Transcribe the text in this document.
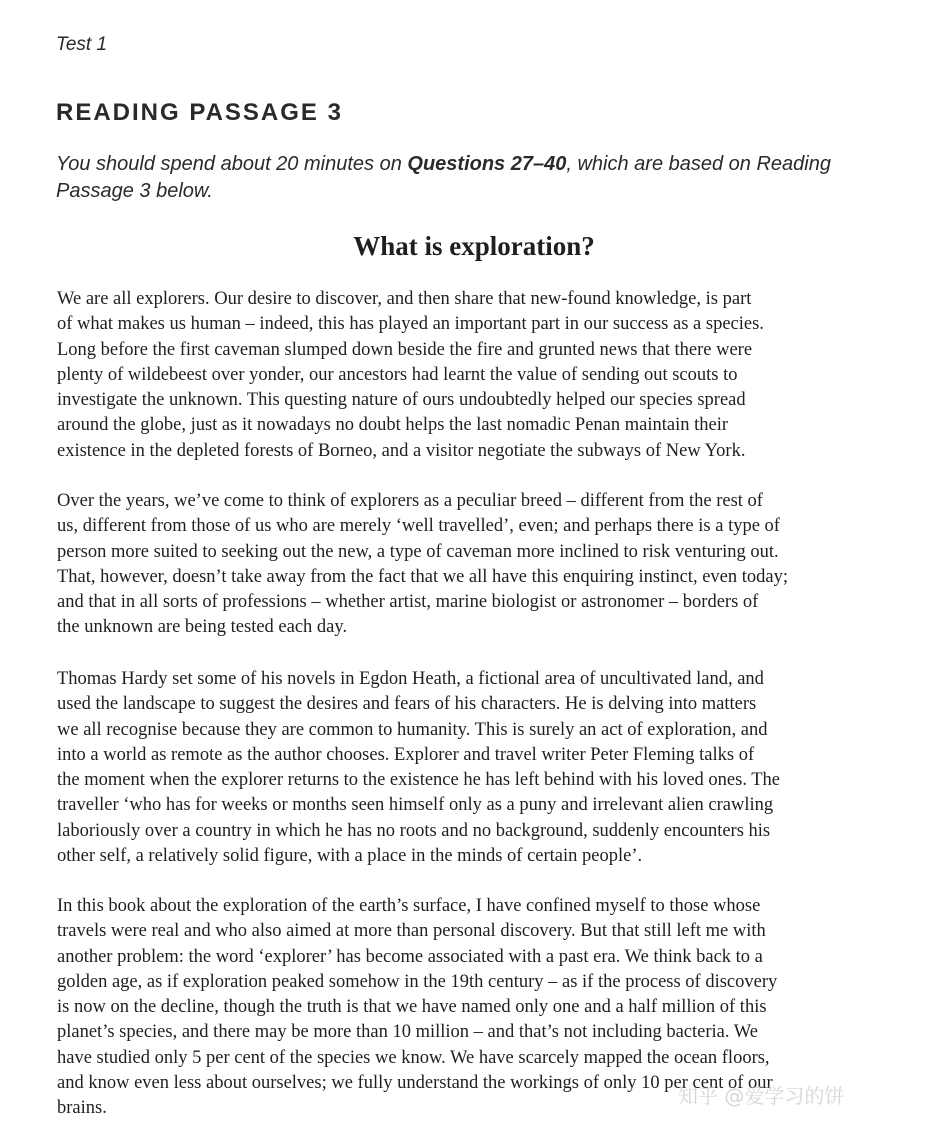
Test 1
READING PASSAGE 3
You should spend about 20 minutes on Questions 27–40, which are based on Reading Passage 3 below.
What is exploration?
We are all explorers. Our desire to discover, and then share that new-found knowledge, is part
of what makes us human – indeed, this has played an important part in our success as a species.
Long before the first caveman slumped down beside the fire and grunted news that there were
plenty of wildebeest over yonder, our ancestors had learnt the value of sending out scouts to
investigate the unknown. This questing nature of ours undoubtedly helped our species spread
around the globe, just as it nowadays no doubt helps the last nomadic Penan maintain their
existence in the depleted forests of Borneo, and a visitor negotiate the subways of New York.
Over the years, we’ve come to think of explorers as a peculiar breed – different from the rest of
us, different from those of us who are merely ‘well travelled’, even; and perhaps there is a type of
person more suited to seeking out the new, a type of caveman more inclined to risk venturing out.
That, however, doesn’t take away from the fact that we all have this enquiring instinct, even today;
and that in all sorts of professions – whether artist, marine biologist or astronomer – borders of
the unknown are being tested each day.
Thomas Hardy set some of his novels in Egdon Heath, a fictional area of uncultivated land, and
used the landscape to suggest the desires and fears of his characters. He is delving into matters
we all recognise because they are common to humanity. This is surely an act of exploration, and
into a world as remote as the author chooses. Explorer and travel writer Peter Fleming talks of
the moment when the explorer returns to the existence he has left behind with his loved ones. The
traveller ‘who has for weeks or months seen himself only as a puny and irrelevant alien crawling
laboriously over a country in which he has no roots and no background, suddenly encounters his
other self, a relatively solid figure, with a place in the minds of certain people’.
In this book about the exploration of the earth’s surface, I have confined myself to those whose
travels were real and who also aimed at more than personal discovery. But that still left me with
another problem: the word ‘explorer’ has become associated with a past era. We think back to a
golden age, as if exploration peaked somehow in the 19th century – as if the process of discovery
is now on the decline, though the truth is that we have named only one and a half million of this
planet’s species, and there may be more than 10 million – and that’s not including bacteria. We
have studied only 5 per cent of the species we know. We have scarcely mapped the ocean floors,
and know even less about ourselves; we fully understand the workings of only 10 per cent of our
brains.
知乎 @爱学习的饼
